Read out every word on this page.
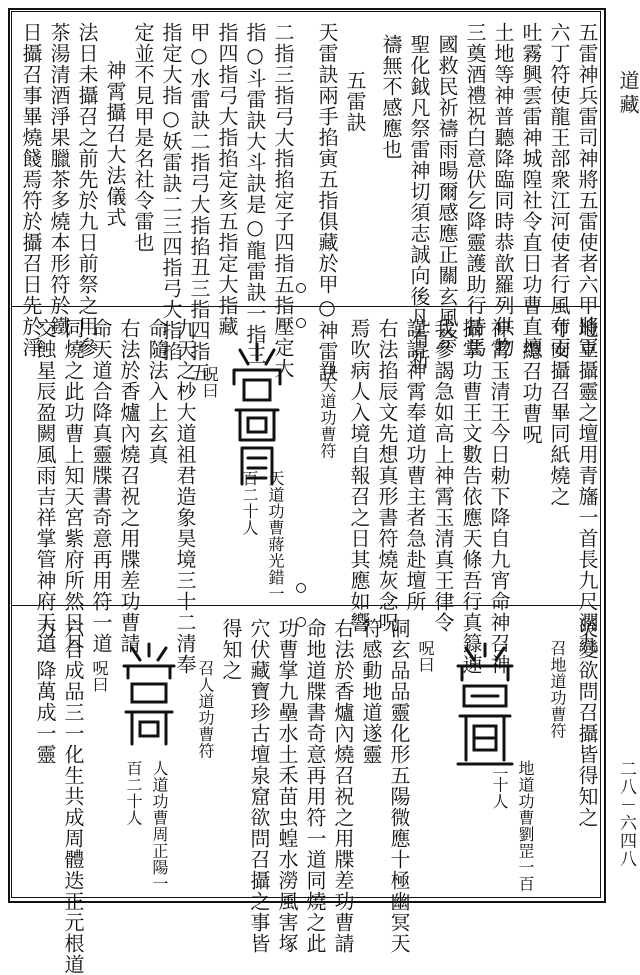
道藏
二八－六四八
五雷神兵雷司神將五雷使者六甲將軍
六丁符使龍王部衆江河使者行風布雨
吐霧興雲雷神城隍社令直日功曹直壇
土地等神普聽降臨同時恭歆羅列供物
三奠酒禮祝白意伏乞降靈護助行持馬
國救民祈禱雨暘爾感應正關玄風祭
聖化鉞凡祭雷神切須志誠向後凡有祈
禱無不感應也
五雷訣
天雷訣兩手掐寅五指俱藏於甲○神雷訣
二指三指弓大指掐定子四指五指壓定大
指○斗雷訣大斗訣是○龍雷訣一指三
指四指弓大指掐定亥五指定大指藏
甲○水雷訣二指弓大指掐丑三指四指五
指定大指○妖雷訣二三四指弓大指掐
定並不見甲是名社令雷也
神霄攝召大法儀式
法日未攝召之前先於九日前祭之用參
茶湯清酒淨果臘茶多燒本形符於鐵
日攝召事畢燒餞焉符於攝召日先於淨
地立攝靈之壇用青旛一首長九尺濶九
寸安攝召畢同紙燒之
總召功曹呪
神霄玉清王今日勅下降自九宵命神召神
攝掌功曹王文數告依應天條吾行真籙速
我參謁急如高上神霄玉清真王律令
謹請神霄奉道功曹主者急赴壇所
右法掐辰文先想真形書符燒灰念呪
焉吹病人入境自報召之日其應如響
召天道功曹符
天道功曹蔣光錯一
百二十人
九天之杪大道祖君造象昊境三十二清奉
命隨法入上玄真 呪曰
右法於香爐內燒召祝之用牒差功曹請
命天道合降真靈牒書奇意再用符一道
同燒之此功曹上知天宮紫府所然日月
交蝕星辰盈闕風雨吉祥掌管神府天道
災變欲問召攝皆得知之
召地道功曹符
地道功曹劉罡一百
二十人
呪曰
洞玄品品靈化形五陽微應十極幽冥天
符感動地道遂靈
右法於香爐內燒召祝之用牒差功曹請
命地道牒書奇意再用符一道同燒之此
功曹掌九壘水土禾苗虫蝗水澇風害塚
穴伏藏寶珍古壇泉窟欲問召攝之事皆
得知之
召人道功曹符
人道功曹周正陽一
百二十人
呪曰
六合成品三一化生共成周體迭正元根道
力一降萬成一靈
